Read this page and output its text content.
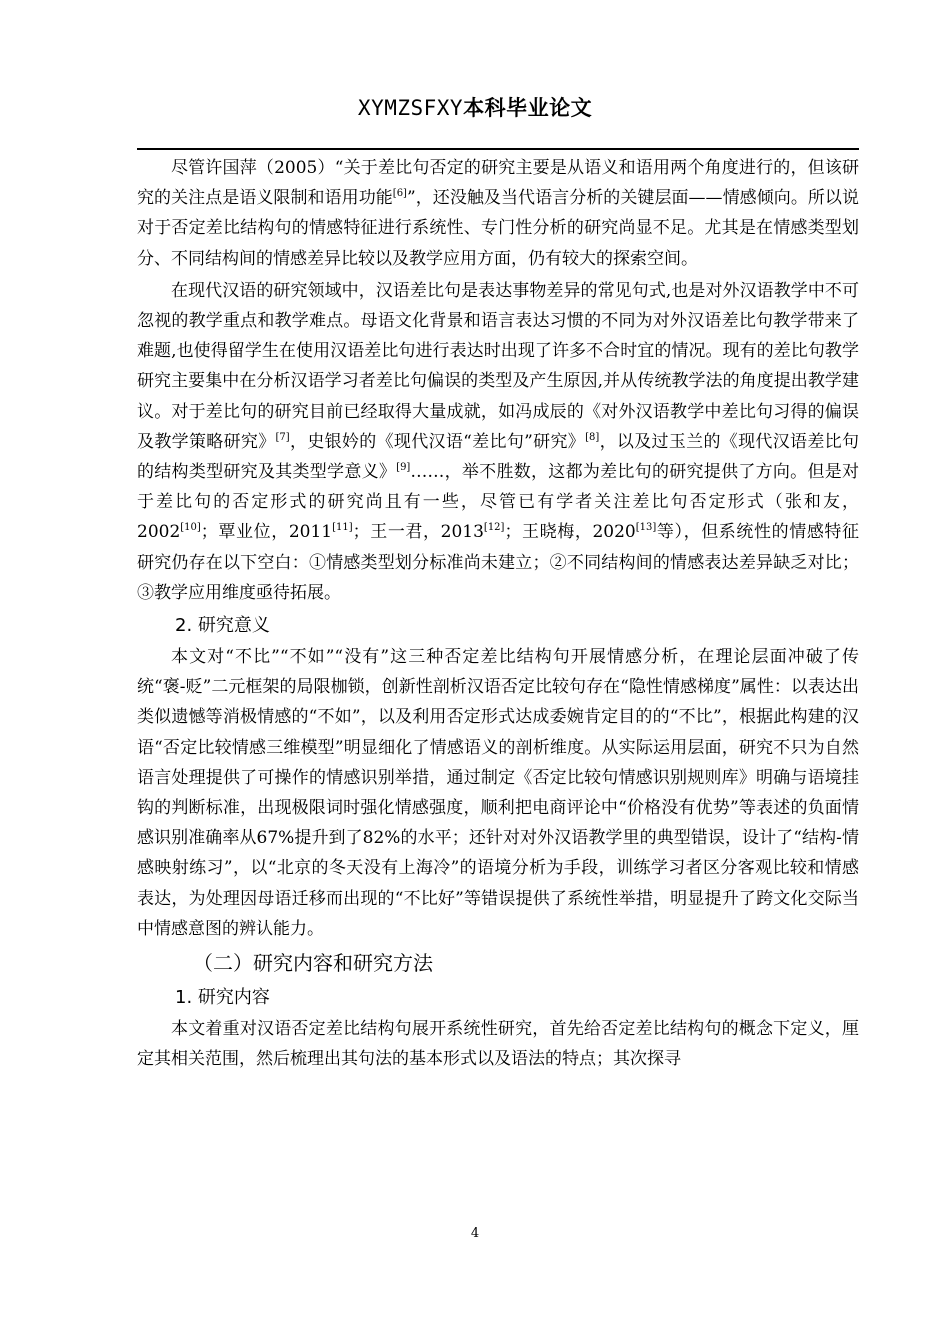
XYMZSFXY本科毕业论文

尽管许国萍（2005）“关于差比句否定的研究主要是从语义和语用两个角度进行的，但该研究的关注点是语义限制和语用功能[6]”，还没触及当代语言分析的关键层面——情感倾向。所以说对于否定差比结构句的情感特征进行系统性、专门性分析的研究尚显不足。尤其是在情感类型划分、不同结构间的情感差异比较以及教学应用方面，仍有较大的探索空间。

在现代汉语的研究领域中，汉语差比句是表达事物差异的常见句式,也是对外汉语教学中不可忽视的教学重点和教学难点。母语文化背景和语言表达习惯的不同为对外汉语差比句教学带来了难题,也使得留学生在使用汉语差比句进行表达时出现了许多不合时宜的情况。现有的差比句教学研究主要集中在分析汉语学习者差比句偏误的类型及产生原因,并从传统教学法的角度提出教学建议。对于差比句的研究目前已经取得大量成就，如冯成辰的《对外汉语教学中差比句习得的偏误及教学策略研究》[7]，史银妗的《现代汉语“差比句”研究》[8]，以及过玉兰的《现代汉语差比句的结构类型研究及其类型学意义》[9]……，举不胜数，这都为差比句的研究提供了方向。但是对于差比句的否定形式的研究尚且有一些，尽管已有学者关注差比句否定形式（张和友，2002[10]；覃业位，2011[11]；王一君，2013[12]；王晓梅，2020[13]等），但系统性的情感特征研究仍存在以下空白：①情感类型划分标准尚未建立；②不同结构间的情感表达差异缺乏对比；③教学应用维度亟待拓展。

2. 研究意义

本文对“不比”“不如”“没有”这三种否定差比结构句开展情感分析，在理论层面冲破了传统“褒-贬”二元框架的局限枷锁，创新性剖析汉语否定比较句存在“隐性情感梯度”属性：以表达出类似遗憾等消极情感的“不如”，以及利用否定形式达成委婉肯定目的的“不比”，根据此构建的汉语“否定比较情感三维模型”明显细化了情感语义的剖析维度。从实际运用层面，研究不只为自然语言处理提供了可操作的情感识别举措，通过制定《否定比较句情感识别规则库》明确与语境挂钩的判断标准，出现极限词时强化情感强度，顺利把电商评论中“价格没有优势”等表述的负面情感识别准确率从67%提升到了82%的水平；还针对对外汉语教学里的典型错误，设计了“结构-情感映射练习”，以“北京的冬天没有上海冷”的语境分析为手段，训练学习者区分客观比较和情感表达，为处理因母语迁移而出现的“不比好”等错误提供了系统性举措，明显提升了跨文化交际当中情感意图的辨认能力。

（二）研究内容和研究方法
1. 研究内容

本文着重对汉语否定差比结构句展开系统性研究，首先给否定差比结构句的概念下定义，厘定其相关范围，然后梳理出其句法的基本形式以及语法的特点；其次探寻

4
